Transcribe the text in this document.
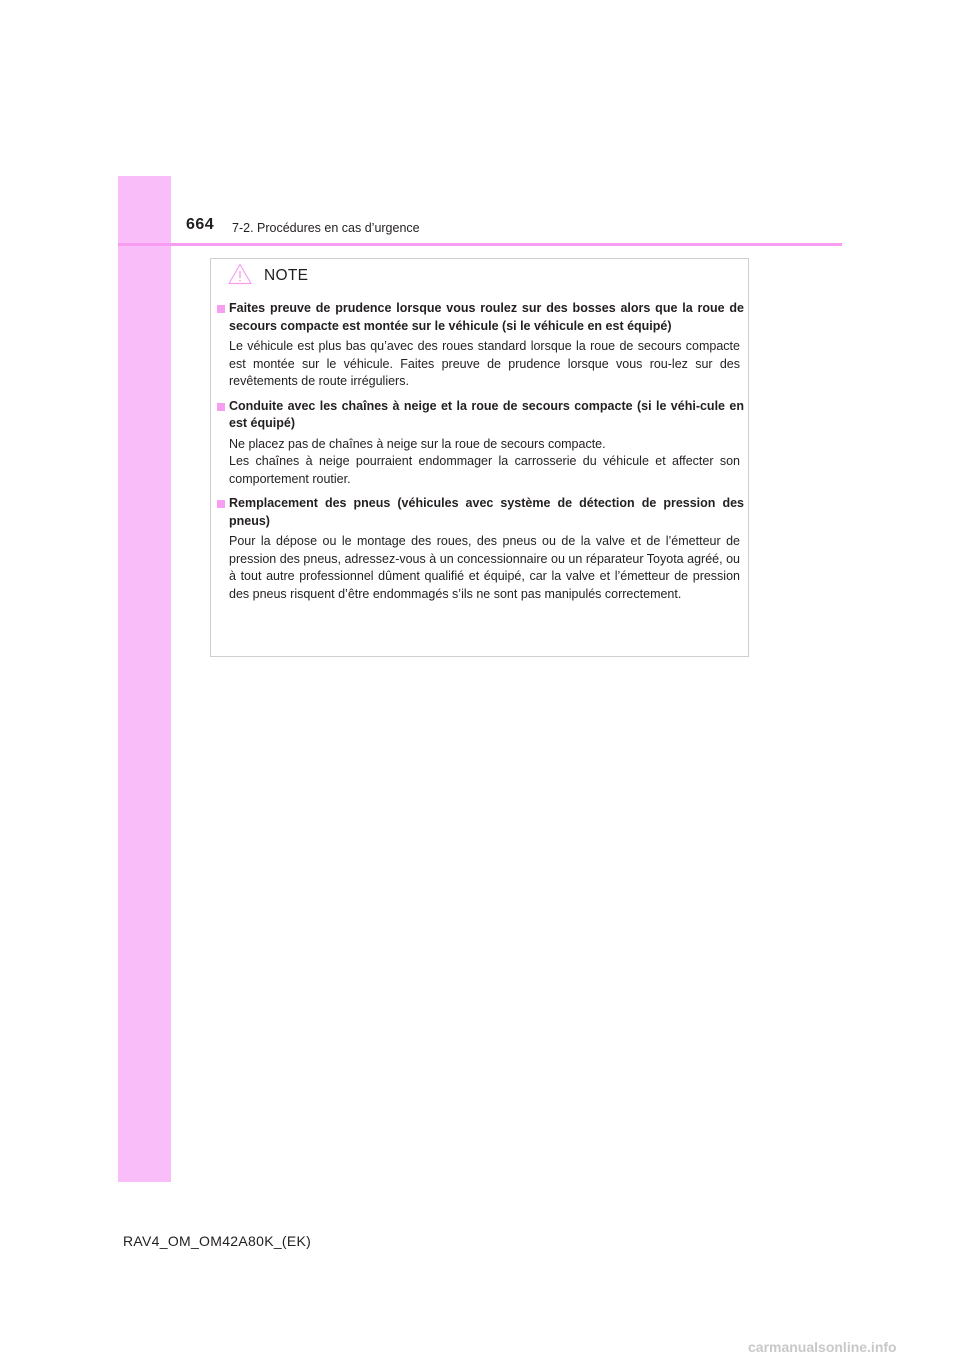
664 7-2. Procédures en cas d’urgence
NOTE
Faites preuve de prudence lorsque vous roulez sur des bosses alors que la roue de secours compacte est montée sur le véhicule (si le véhicule en est équipé)

Le véhicule est plus bas qu’avec des roues standard lorsque la roue de secours compacte est montée sur le véhicule. Faites preuve de prudence lorsque vous rou-lez sur des revêtements de route irréguliers.

Conduite avec les chaînes à neige et la roue de secours compacte (si le véhi-cule en est équipé)

Ne placez pas de chaînes à neige sur la roue de secours compacte.

Les chaînes à neige pourraient endommager la carrosserie du véhicule et affecter son comportement routier.

Remplacement des pneus (véhicules avec système de détection de pression des pneus)

Pour la dépose ou le montage des roues, des pneus ou de la valve et de l’émetteur de pression des pneus, adressez-vous à un concessionnaire ou un réparateur Toyota agréé, ou à tout autre professionnel dûment qualifié et équipé, car la valve et l’émetteur de pression des pneus risquent d’être endommagés s’ils ne sont pas manipulés correctement.

RAV4_OM_OM42A80K_(EK)
carmanualsonline.info
